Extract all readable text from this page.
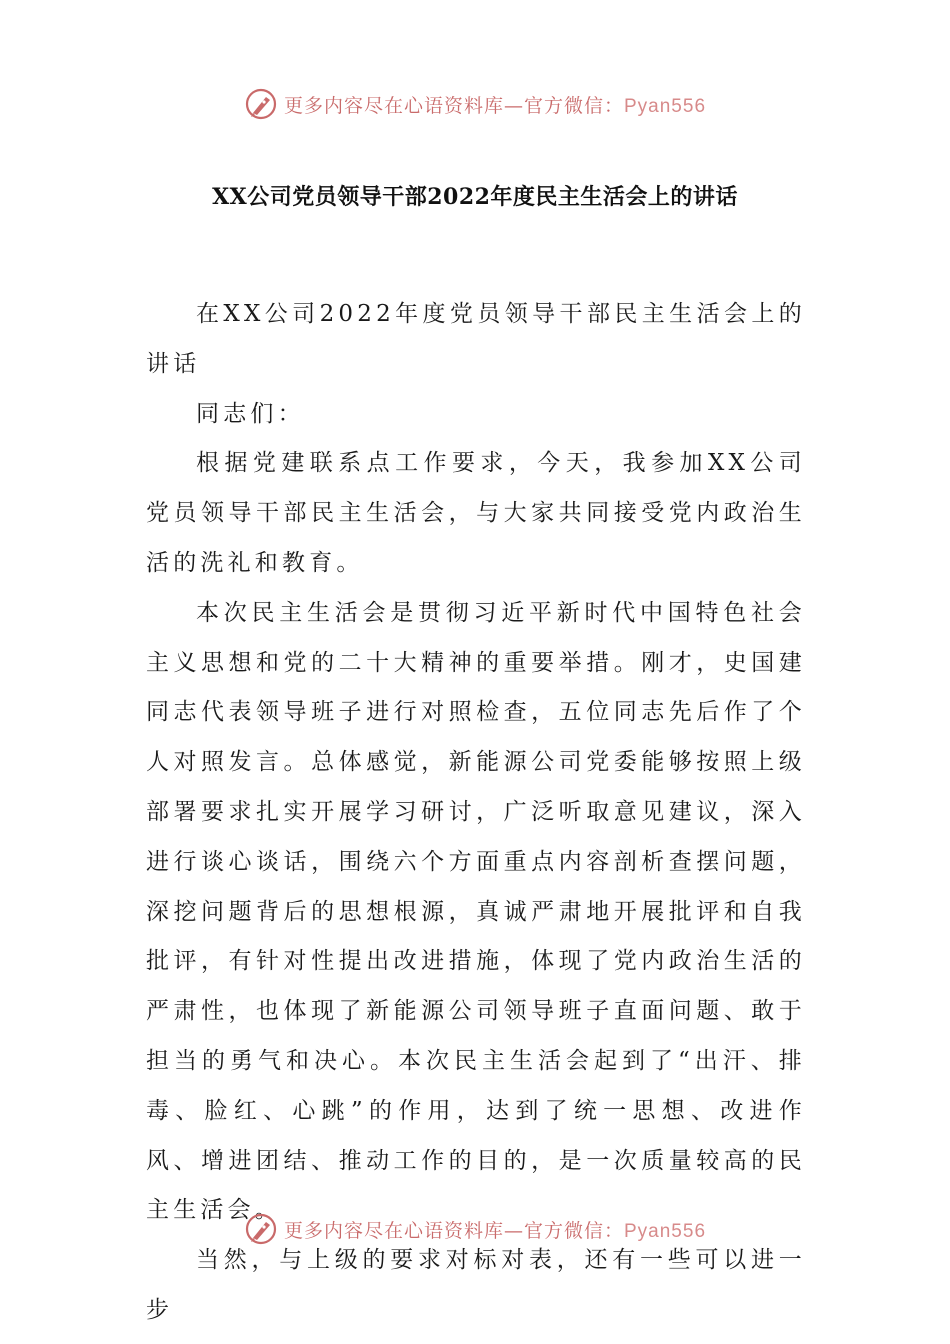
更多内容尽在心语资料库—官方微信：Pyan556
XX公司党员领导干部2022年度民主生活会上的讲话

在XX公司2022年度党员领导干部民主生活会上的讲话

同志们：

根据党建联系点工作要求，今天，我参加XX公司党员领导干部民主生活会，与大家共同接受党内政治生活的洗礼和教育。

本次民主生活会是贯彻习近平新时代中国特色社会主义思想和党的二十大精神的重要举措。刚才，史国建同志代表领导班子进行对照检查，五位同志先后作了个人对照发言。总体感觉，新能源公司党委能够按照上级部署要求扎实开展学习研讨，广泛听取意见建议，深入进行谈心谈话，围绕六个方面重点内容剖析查摆问题，深挖问题背后的思想根源，真诚严肃地开展批评和自我批评，有针对性提出改进措施，体现了党内政治生活的严肃性，也体现了新能源公司领导班子直面问题、敢于担当的勇气和决心。本次民主生活会起到了“出汗、排毒、脸红、心跳”的作用，达到了统一思想、改进作风、增进团结、推动工作的目的，是一次质量较高的民主生活会。

当然，与上级的要求对标对表，还有一些可以进一步

更多内容尽在心语资料库—官方微信：Pyan556
